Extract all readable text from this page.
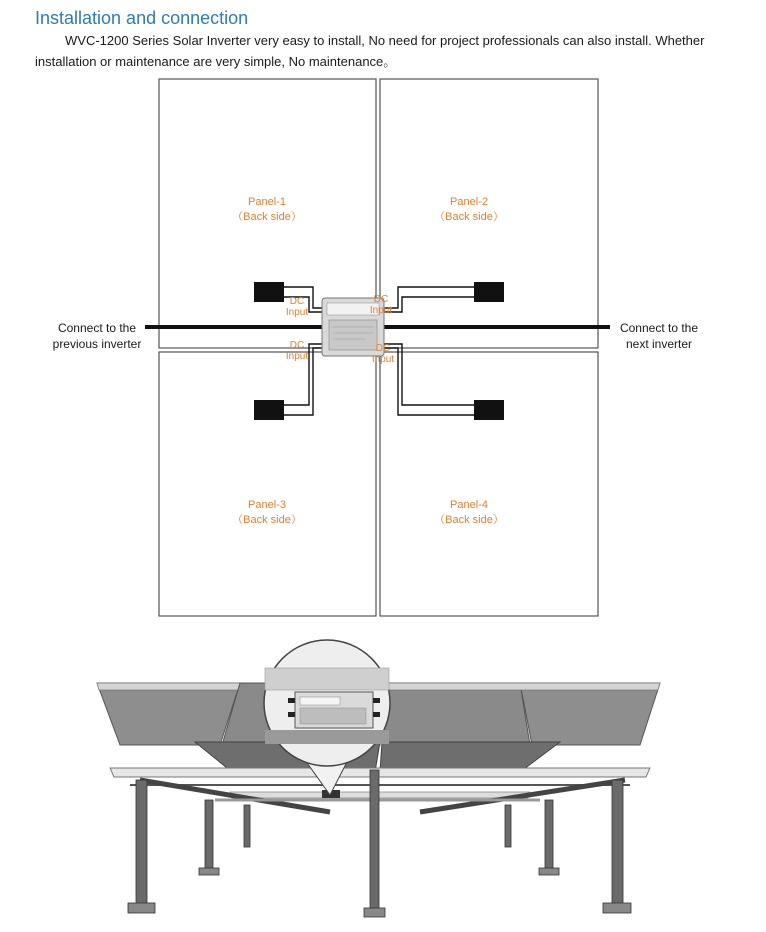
Installation and connection

WVC-1200 Series Solar Inverter very easy to install, No need for project professionals can also install. Whether installation or maintenance are very simple, No maintenance。

Panel-1
（Back side）
Panel-2
（Back side）
Panel-3
（Back side）
Panel-4
（Back side）
DC
Input
DC
Input
DC
Input
DC
Input
Connect to the
previous inverter
Connect to the
next inverter
